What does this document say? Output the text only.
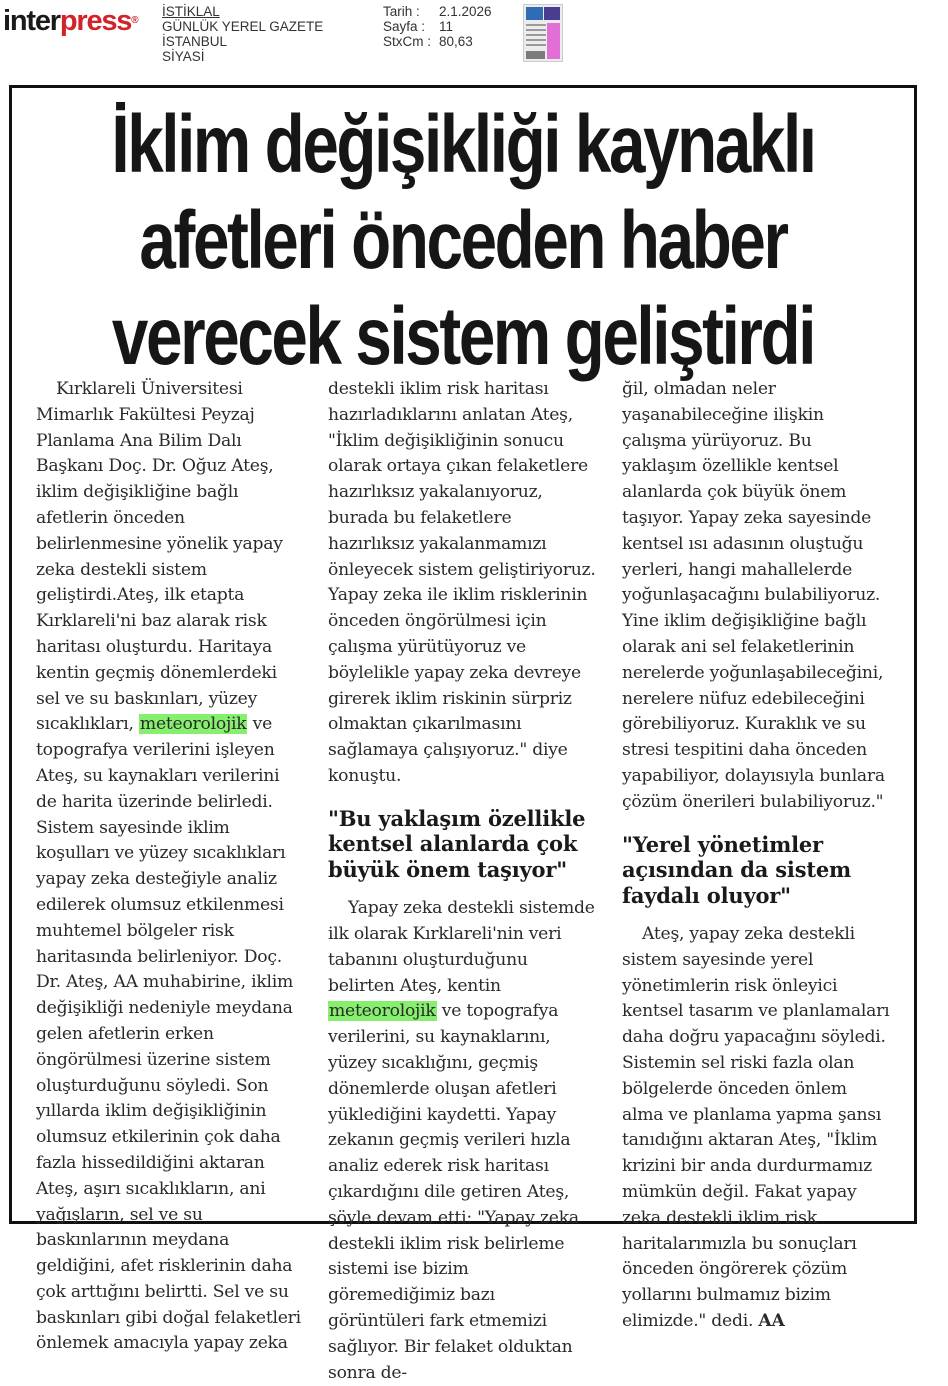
interpress®
İSTİKLAL
GÜNLÜK YEREL GAZETE
İSTANBUL
SİYASİ
Tarih :	2.1.2026
Sayfa :	11
StxCm : 80,63
İklim değişikliği kaynaklı
afetleri önceden haber
verecek sistem geliştirdi

Kırklareli Üniversitesi Mimarlık Fakültesi Peyzaj Planlama Ana Bilim Dalı Başkanı Doç. Dr. Oğuz Ateş, iklim değişikliğine bağlı afetlerin önceden belirlenmesine yönelik yapay zeka destekli sistem geliştirdi.Ateş, ilk etapta Kırklareli'ni baz alarak risk haritası oluşturdu. Haritaya kentin geçmiş dönemlerdeki sel ve su baskınları, yüzey sıcaklıkları, meteorolojik ve topografya verilerini işleyen Ateş, su kaynakları verilerini de harita üzerinde belirledi. Sistem sayesinde iklim koşulları ve yüzey sıcaklıkları yapay zeka desteğiyle analiz edilerek olumsuz etkilenmesi muhtemel bölgeler risk haritasında belirleniyor. Doç. Dr. Ateş, AA muhabirine, iklim değişikliği nedeniyle meydana gelen afetlerin erken öngörülmesi üzerine sistem oluşturduğunu söyledi. Son yıllarda iklim değişikliğinin olumsuz etkilerinin çok daha fazla hissedildiğini aktaran Ateş, aşırı sıcaklıkların, ani yağışların, sel ve su baskınlarının meydana geldiğini, afet risklerinin daha çok arttığını belirtti. Sel ve su baskınları gibi doğal felaketleri önlemek amacıyla yapay zeka

destekli iklim risk haritası hazırladıklarını anlatan Ateş, "İklim değişikliğinin sonucu olarak ortaya çıkan felaketlere hazırlıksız yakalanıyoruz, burada bu felaketlere hazırlıksız yakalanmamızı önleyecek sistem geliştiriyoruz. Yapay zeka ile iklim risklerinin önceden öngörülmesi için çalışma yürütüyoruz ve böylelikle yapay zeka devreye girerek iklim riskinin sürpriz olmaktan çıkarılmasını sağlamaya çalışıyoruz." diye konuştu.

"Bu yaklaşım özellikle kentsel alanlarda çok büyük önem taşıyor"

Yapay zeka destekli sistemde ilk olarak Kırklareli'nin veri tabanını oluşturduğunu belirten Ateş, kentin meteorolojik ve topografya verilerini, su kaynaklarını, yüzey sıcaklığını, geçmiş dönemlerde oluşan afetleri yüklediğini kaydetti. Yapay zekanın geçmiş verileri hızla analiz ederek risk haritası çıkardığını dile getiren Ateş, şöyle devam etti: "Yapay zeka destekli iklim risk belirleme sistemi ise bizim göremediğimiz bazı görüntüleri fark etmemizi sağlıyor. Bir felaket olduktan sonra de-

ğil, olmadan neler yaşanabileceğine ilişkin çalışma yürüyoruz. Bu yaklaşım özellikle kentsel alanlarda çok büyük önem taşıyor. Yapay zeka sayesinde kentsel ısı adasının oluştuğu yerleri, hangi mahallelerde yoğunlaşacağını bulabiliyoruz. Yine iklim değişikliğine bağlı olarak ani sel felaketlerinin nerelerde yoğunlaşabileceğini, nerelere nüfuz edebileceğini görebiliyoruz. Kuraklık ve su stresi tespitini daha önceden yapabiliyor, dolayısıyla bunlara çözüm önerileri bulabiliyoruz."

"Yerel yönetimler açısından da sistem faydalı oluyor"

Ateş, yapay zeka destekli sistem sayesinde yerel yönetimlerin risk önleyici kentsel tasarım ve planlamaları daha doğru yapacağını söyledi. Sistemin sel riski fazla olan bölgelerde önceden önlem alma ve planlama yapma şansı tanıdığını aktaran Ateş, "İklim krizini bir anda durdurmamız mümkün değil. Fakat yapay zeka destekli iklim risk haritalarımızla bu sonuçları önceden öngörerek çözüm yollarını bulmamız bizim elimizde." dedi. AA
